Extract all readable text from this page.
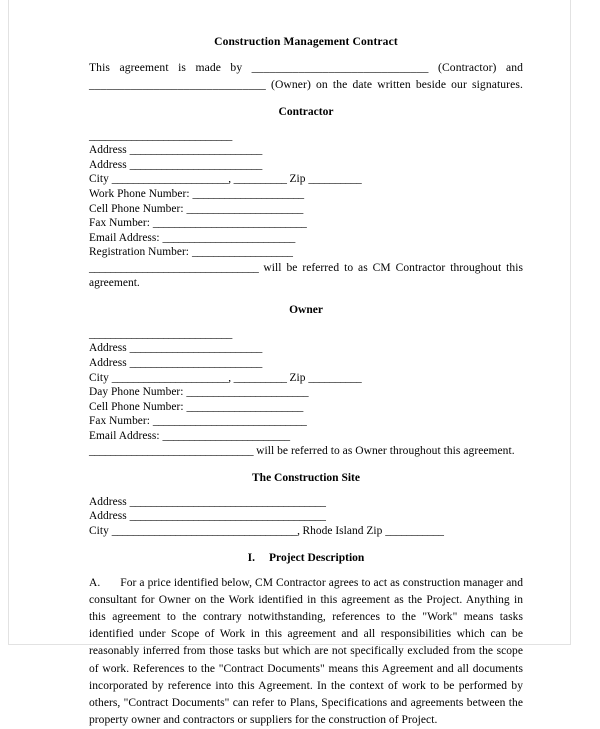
Construction Management Contract
This agreement is made by ______________________________ (Contractor) and ______________________________ (Owner) on the date written beside our signatures.
Contractor
___________________________
Address _________________________
Address _________________________
City ______________________, __________ Zip __________
Work Phone Number: _____________________
Cell Phone Number: ______________________
Fax Number: _____________________________
Email Address: _________________________
Registration Number: ___________________
________________________________ will be referred to as CM Contractor throughout this
agreement.
Owner
___________________________
Address _________________________
Address _________________________
City ______________________, __________ Zip __________
Day Phone Number: _______________________
Cell Phone Number: ______________________
Fax Number: _____________________________
Email Address: ________________________
_______________________________ will be referred to as Owner throughout this agreement.
The Construction Site
Address _____________________________________
Address _____________________________________
City ___________________________________, Rhode Island Zip ___________
I. Project Description
A. For a price identified below, CM Contractor agrees to act as construction manager and consultant for Owner on the Work identified in this agreement as the Project. Anything in this agreement to the contrary notwithstanding, references to the "Work" means tasks identified under Scope of Work in this agreement and all responsibilities which can be reasonably inferred from those tasks but which are not specifically excluded from the scope of work. References to the "Contract Documents" means this Agreement and all documents incorporated by reference into this Agreement. In the context of work to be performed by others, "Contract Documents" can refer to Plans, Specifications and agreements between the property owner and contractors or suppliers for the construction of Project.
